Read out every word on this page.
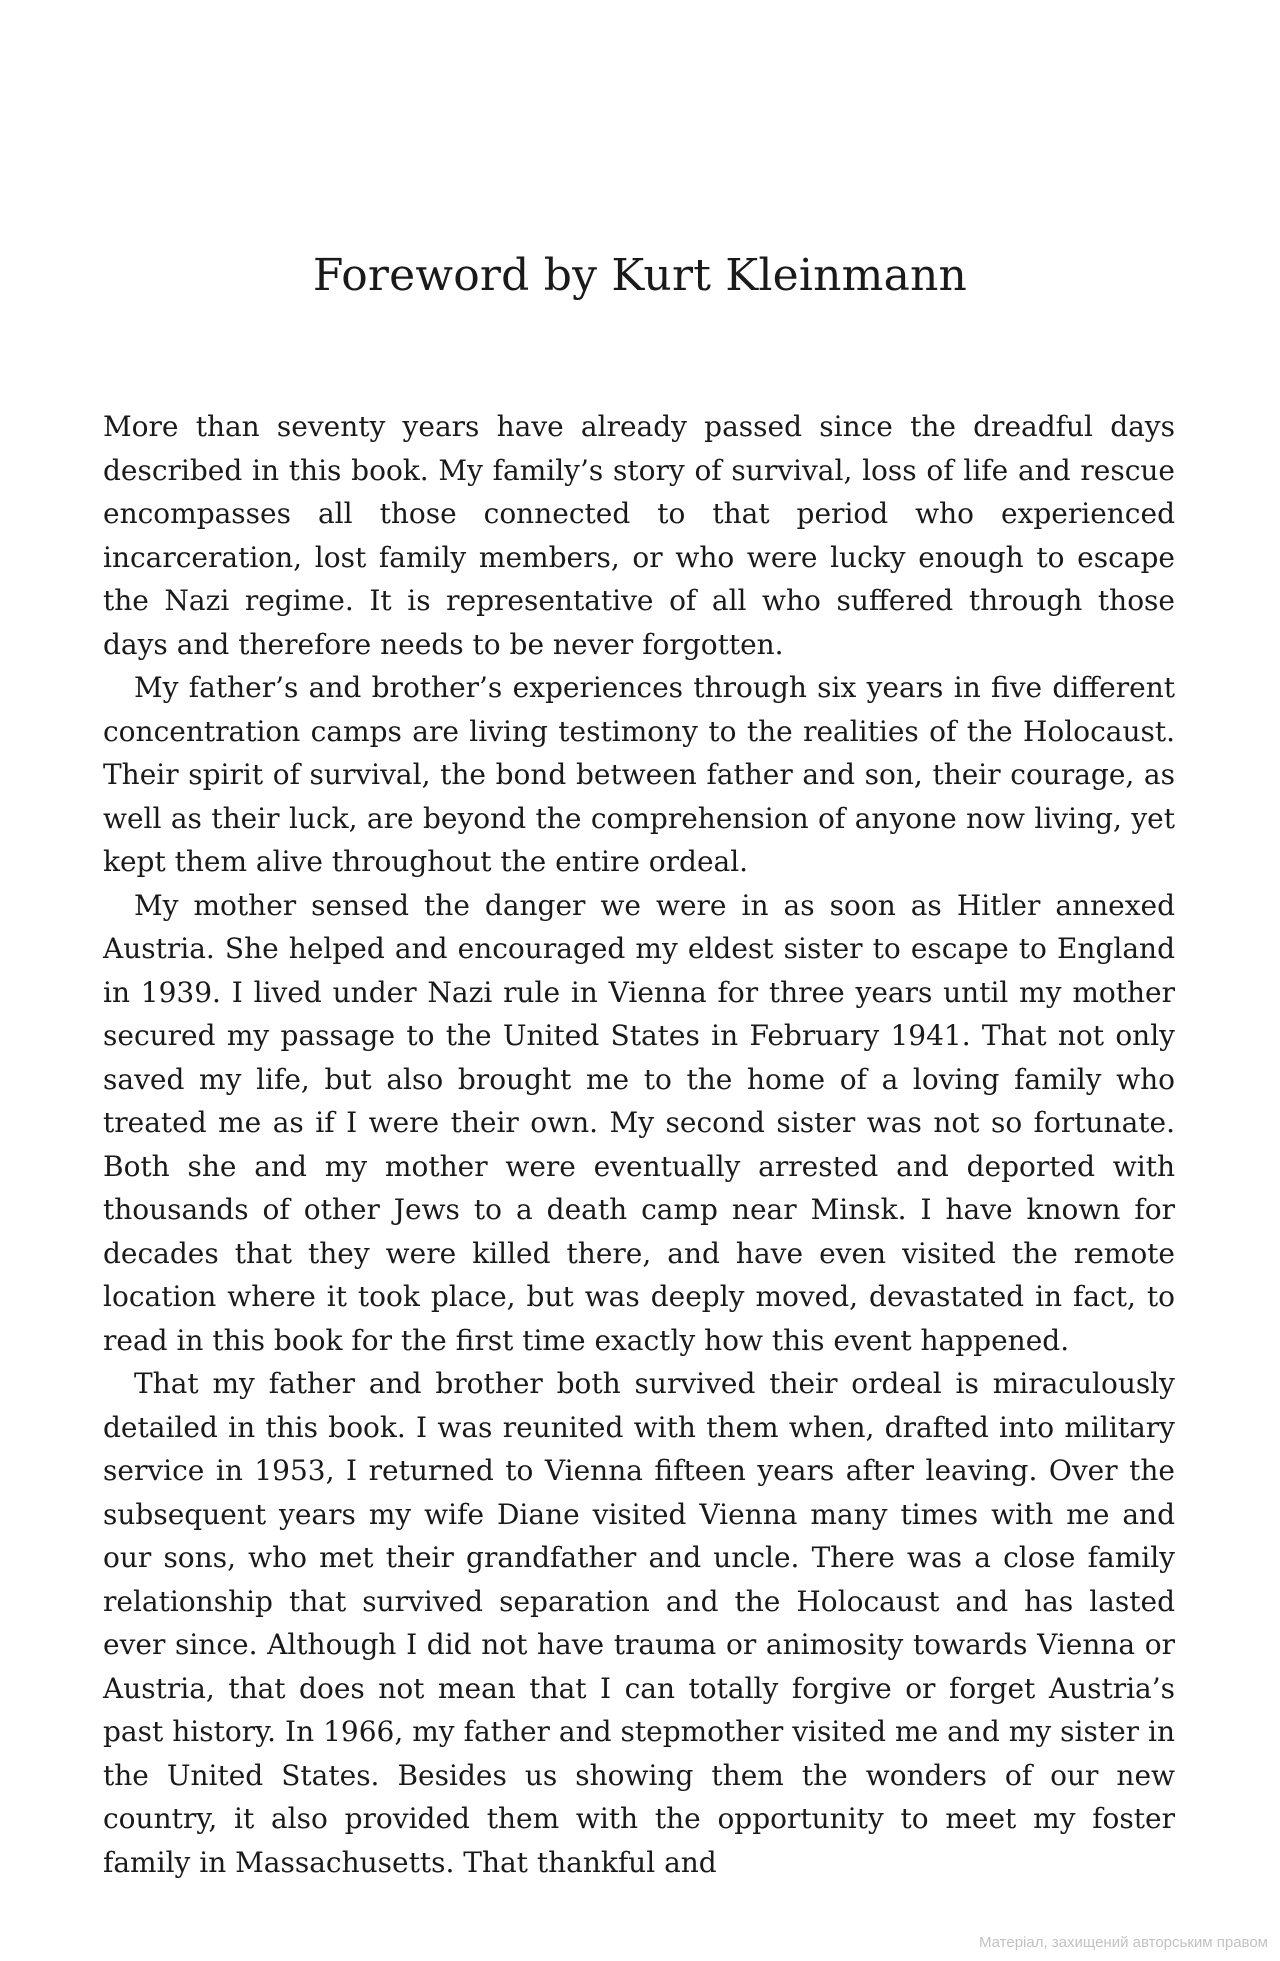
Foreword by Kurt Kleinmann

More than seventy years have already passed since the dreadful days described in this book. My family’s story of survival, loss of life and rescue encompasses all those connected to that period who experienced incarceration, lost family members, or who were lucky enough to escape the Nazi regime. It is representative of all who suffered through those days and therefore needs to be never forgotten.

My father’s and brother’s experiences through six years in five different concentration camps are living testimony to the realities of the Holocaust. Their spirit of survival, the bond between father and son, their courage, as well as their luck, are beyond the comprehension of anyone now living, yet kept them alive throughout the entire ordeal.

My mother sensed the danger we were in as soon as Hitler annexed Austria. She helped and encouraged my eldest sister to escape to England in 1939. I lived under Nazi rule in Vienna for three years until my mother secured my passage to the United States in February 1941. That not only saved my life, but also brought me to the home of a loving family who treated me as if I were their own. My second sister was not so fortunate. Both she and my mother were eventually arrested and deported with thousands of other Jews to a death camp near Minsk. I have known for decades that they were killed there, and have even visited the remote location where it took place, but was deeply moved, devastated in fact, to read in this book for the first time exactly how this event happened.

That my father and brother both survived their ordeal is miraculously detailed in this book. I was reunited with them when, drafted into military service in 1953, I returned to Vienna fifteen years after leaving. Over the subsequent years my wife Diane visited Vienna many times with me and our sons, who met their grandfather and uncle. There was a close family relationship that survived separation and the Holocaust and has lasted ever since. Although I did not have trauma or animosity towards Vienna or Austria, that does not mean that I can totally forgive or forget Austria’s past history. In 1966, my father and stepmother visited me and my sister in the United States. Besides us showing them the wonders of our new country, it also provided them with the opportunity to meet my foster family in Massachusetts. That thankful and

Матеріал, захищений авторським правом
